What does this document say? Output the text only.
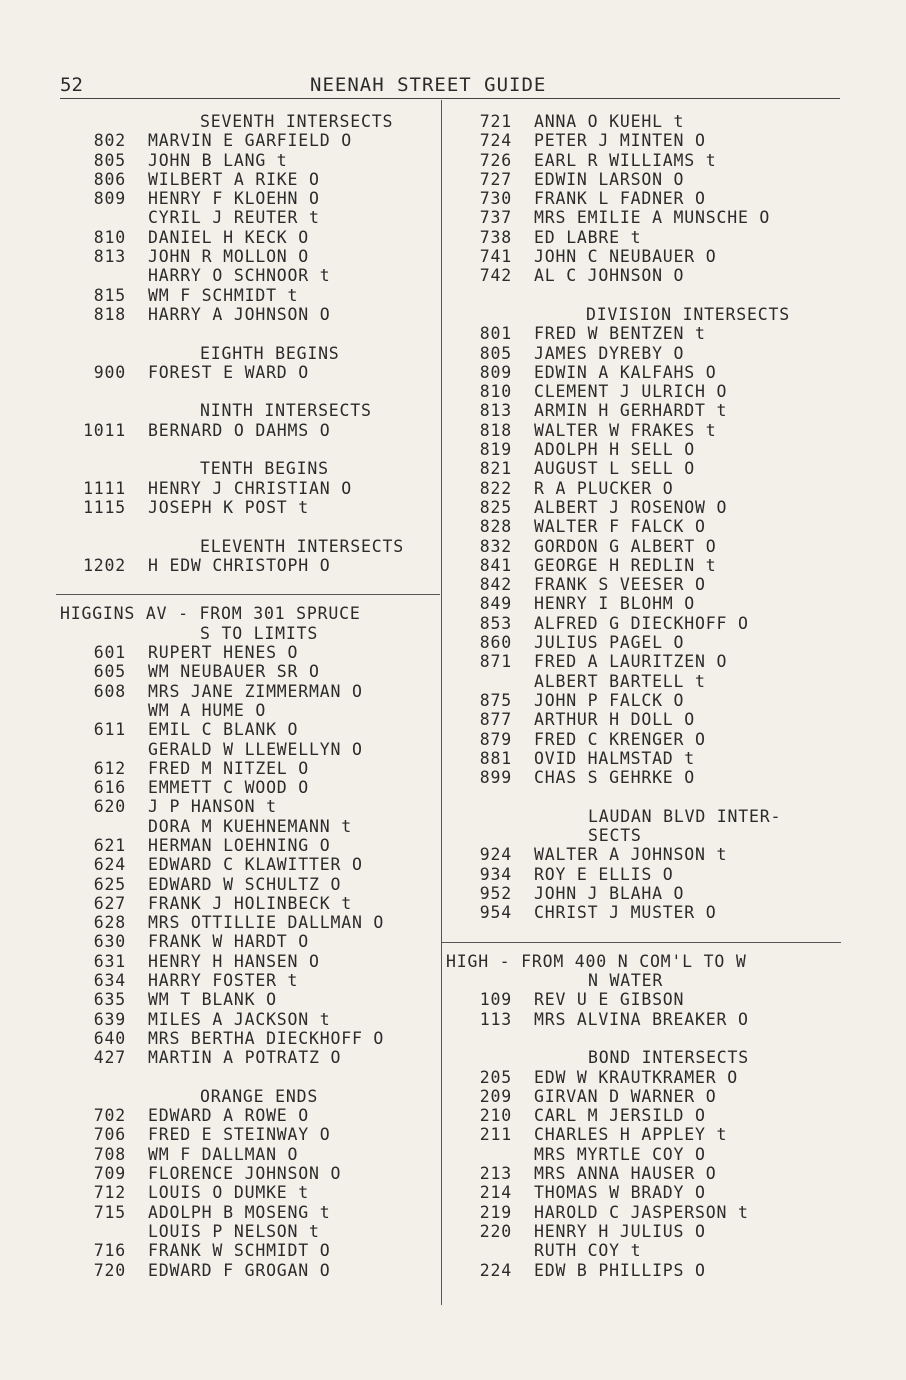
52	NEENAH STREET GUIDE
SEVENTH INTERSECTS
802 MARVIN E GARFIELD O
805 JOHN B LANG t
806 WILBERT A RIKE O
809 HENRY F KLOEHN O
CYRIL J REUTER t
810 DANIEL H KECK O
813 JOHN R MOLLON O
HARRY O SCHNOOR t
815 WM F SCHMIDT t
818 HARRY A JOHNSON O
EIGHTH BEGINS
900 FOREST E WARD O
NINTH INTERSECTS
1011 BERNARD O DAHMS O
TENTH BEGINS
1111 HENRY J CHRISTIAN O
1115 JOSEPH K POST t
ELEVENTH INTERSECTS
1202 H EDW CHRISTOPH O
HIGGINS AV - FROM 301 SPRUCE
S TO LIMITS
601 RUPERT HENES O
605 WM NEUBAUER SR O
608 MRS JANE ZIMMERMAN O
WM A HUME O
611 EMIL C BLANK O
GERALD W LLEWELLYN O
612 FRED M NITZEL O
616 EMMETT C WOOD O
620 J P HANSON t
DORA M KUEHNEMANN t
621 HERMAN LOEHNING O
624 EDWARD C KLAWITTER O
625 EDWARD W SCHULTZ O
627 FRANK J HOLINBECK t
628 MRS OTTILLIE DALLMAN O
630 FRANK W HARDT O
631 HENRY H HANSEN O
634 HARRY FOSTER t
635 WM T BLANK O
639 MILES A JACKSON t
640 MRS BERTHA DIECKHOFF O
427 MARTIN A POTRATZ O
ORANGE ENDS
702 EDWARD A ROWE O
706 FRED E STEINWAY O
708 WM F DALLMAN O
709 FLORENCE JOHNSON O
712 LOUIS O DUMKE t
715 ADOLPH B MOSENG t
LOUIS P NELSON t
716 FRANK W SCHMIDT O
720 EDWARD F GROGAN O
721 ANNA O KUEHL t
724 PETER J MINTEN O
726 EARL R WILLIAMS t
727 EDWIN LARSON O
730 FRANK L FADNER O
737 MRS EMILIE A MUNSCHE O
738 ED LABRE t
741 JOHN C NEUBAUER O
742 AL C JOHNSON O
DIVISION INTERSECTS
801 FRED W BENTZEN t
805 JAMES DYREBY O
809 EDWIN A KALFAHS O
810 CLEMENT J ULRICH O
813 ARMIN H GERHARDT t
818 WALTER W FRAKES t
819 ADOLPH H SELL O
821 AUGUST L SELL O
822 R A PLUCKER O
825 ALBERT J ROSENOW O
828 WALTER F FALCK O
832 GORDON G ALBERT O
841 GEORGE H REDLIN t
842 FRANK S VEESER O
849 HENRY I BLOHM O
853 ALFRED G DIECKHOFF O
860 JULIUS PAGEL O
871 FRED A LAURITZEN O
ALBERT BARTELL t
875 JOHN P FALCK O
877 ARTHUR H DOLL O
879 FRED C KRENGER O
881 OVID HALMSTAD t
899 CHAS S GEHRKE O
LAUDAN BLVD INTER-
SECTS
924 WALTER A JOHNSON t
934 ROY E ELLIS O
952 JOHN J BLAHA O
954 CHRIST J MUSTER O
HIGH - FROM 400 N COM'L TO W
N WATER
109 REV U E GIBSON
113 MRS ALVINA BREAKER O
BOND INTERSECTS
205 EDW W KRAUTKRAMER O
209 GIRVAN D WARNER O
210 CARL M JERSILD O
211 CHARLES H APPLEY t
MRS MYRTLE COY O
213 MRS ANNA HAUSER O
214 THOMAS W BRADY O
219 HAROLD C JASPERSON t
220 HENRY H JULIUS O
RUTH COY t
224 EDW B PHILLIPS O
